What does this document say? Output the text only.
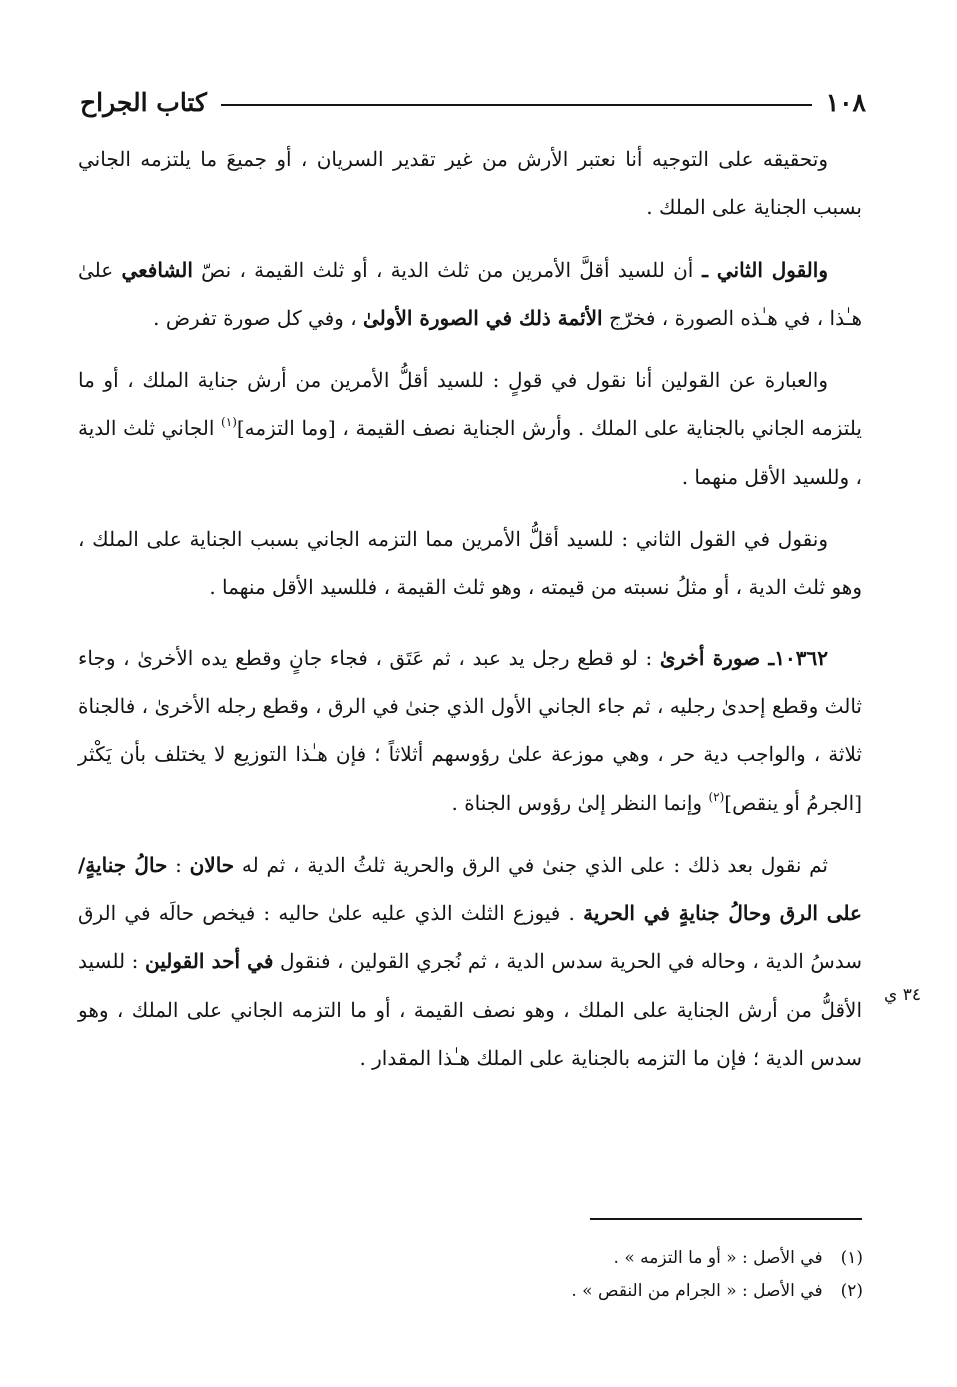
١٠٨
كتاب الجراح

وتحقيقه على التوجيه أنا نعتبر الأرش من غير تقدير السريان ، أو جميعَ ما يلتزمه الجاني بسبب الجناية على الملك .

والقول الثاني ـ أن للسيد أقلَّ الأمرين من ثلث الدية ، أو ثلث القيمة ، نصّ الشافعي علىٰ هـٰذا ، في هـٰذه الصورة ، فخرّج الأئمة ذلك في الصورة الأولىٰ ، وفي كل صورة تفرض .

والعبارة عن القولين أنا نقول في قولٍ : للسيد أقلُّ الأمرين من أرش جناية الملك ، أو ما يلتزمه الجاني بالجناية على الملك . وأرش الجناية نصف القيمة ، [وما التزمه]$^{(١)}$ الجاني ثلث الدية ، وللسيد الأقل منهما .

ونقول في القول الثاني : للسيد أقلُّ الأمرين مما التزمه الجاني بسبب الجناية على الملك ، وهو ثلث الدية ، أو مثلُ نسبته من قيمته ، وهو ثلث القيمة ، فللسيد الأقل منهما .

١٠٣٦٢ـ صورة أخرىٰ : لو قطع رجل يد عبد ، ثم عَتَق ، فجاء جانٍ وقطع يده الأخرىٰ ، وجاء ثالث وقطع إحدىٰ رجليه ، ثم جاء الجاني الأول الذي جنىٰ في الرق ، وقطع رجله الأخرىٰ ، فالجناة ثلاثة ، والواجب دية حر ، وهي موزعة علىٰ رؤوسهم أثلاثاً ؛ فإن هـٰذا التوزيع لا يختلف بأن يَكْثر [الجرمُ أو ينقص]$^{(٢)}$ وإنما النظر إلىٰ رؤوس الجناة .

ثم نقول بعد ذلك : على الذي جنىٰ في الرق والحرية ثلثُ الدية ، ثم له حالان : حالُ جنايةٍ/ على الرق وحالُ جنايةٍ في الحرية . فيوزع الثلث الذي عليه علىٰ حاليه : فيخص حالَه في الرق سدسُ الدية ، وحاله في الحرية سدس الدية ، ثم نُجري القولين ، فنقول في أحد القولين : للسيد الأقلُّ من أرش الجناية على الملك ، وهو نصف القيمة ، أو ما التزمه الجاني على الملك ، وهو سدس الدية ؛ فإن ما التزمه بالجناية على الملك هـٰذا المقدار .

٣٤ ي
(١)
في الأصل : « أو ما التزمه » .
(٢)
في الأصل : « الجرام من النقص » .
